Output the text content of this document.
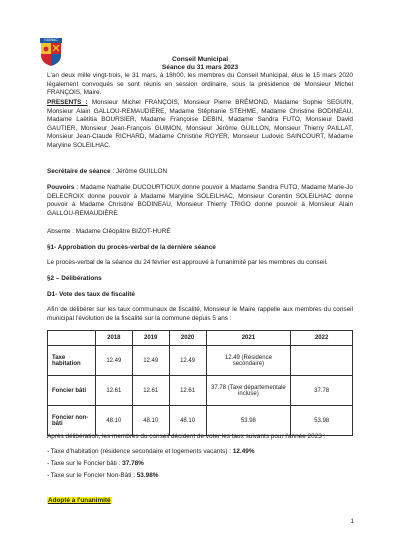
GIGNAC
Conseil Municipal
Séance du 31 mars 2023
L'an deux mille vingt-trois, le 31 mars, à 18h00, les membres du Conseil Municipal, élus le 15 mars 2020 légalement convoqués se sont réunis en session ordinaire, sous la présidence de Monsieur Michel FRANÇOIS, Maire.
PRESENTS : Monsieur Michel FRANÇOIS, Monsieur Pierre BRÉMOND, Madame Sophie SEGUIN, Monsieur Alain GALLOU-REMAUDIÈRE, Madame Stéphanie STEHME, Madame Christine BODINEAU, Madame Laëtitia BOURSIER, Madame Françoise DEBIN, Madame Sandra FUTO, Monsieur David GAUTIER, Monsieur Jean-François GUIMON, Monsieur Jérôme GUILLON, Monsieur Thierry PAILLAT, Monsieur Jean-Claude RICHARD, Madame Christine ROYER, Monsieur Ludovic SAINCOURT, Madame Maryline SOLEILHAC.
Secrétaire de séance : Jérôme GUILLON
Pouvoirs : Madame Nathalie DUCOURTIOUX donne pouvoir à Madame Sandra FUTO, Madame Marie-Jo DELECROIX donne pouvoir à Madame Maryline SOLEILHAC, Monsieur Corentin SOLEILHAC donne pouvoir à Madame Christine BODINEAU, Monsieur Thierry TRIGO donne pouvoir à Monsieur Alain GALLOU-REMAUDIÈRE
Absente : Madame Cléopâtre BIZOT-HURÉ
§1- Approbation du procès-verbal de la dernière séance
Le procès-verbal de la séance du 24 février est approuvé à l'unanimité par les membres du conseil.
§2 – Délibérations
D1- Vote des taux de fiscalité
Afin de délibérer sur les taux communaux de fiscalité, Monsieur le Maire rappelle aux membres du conseil municipal l'évolution de la fiscalité sur la commune depuis 5 ans :
	2018	2019	2020	2021	2022
Taxe habitation	12.49	12.49	12.49	12.49 (Résidence secondaire)	
Foncier bâti	12.61	12.61	12.61	37.78 (Taxe départementale incluse)	37.78
Foncier non-bâti	48.10	48.10	48.10	53.98	53.98
Après délibération, les membres du conseil décident de voter les taux suivants pour l'année 2023 :
- Taxe d'habitation (résidence secondaire et logements vacants) : 12.49%
- Taxe sur le Foncier bâti : 37.78%
- Taxe sur le Foncier Non-Bâti : 53.98%
Adopté à l'unanimité
1
